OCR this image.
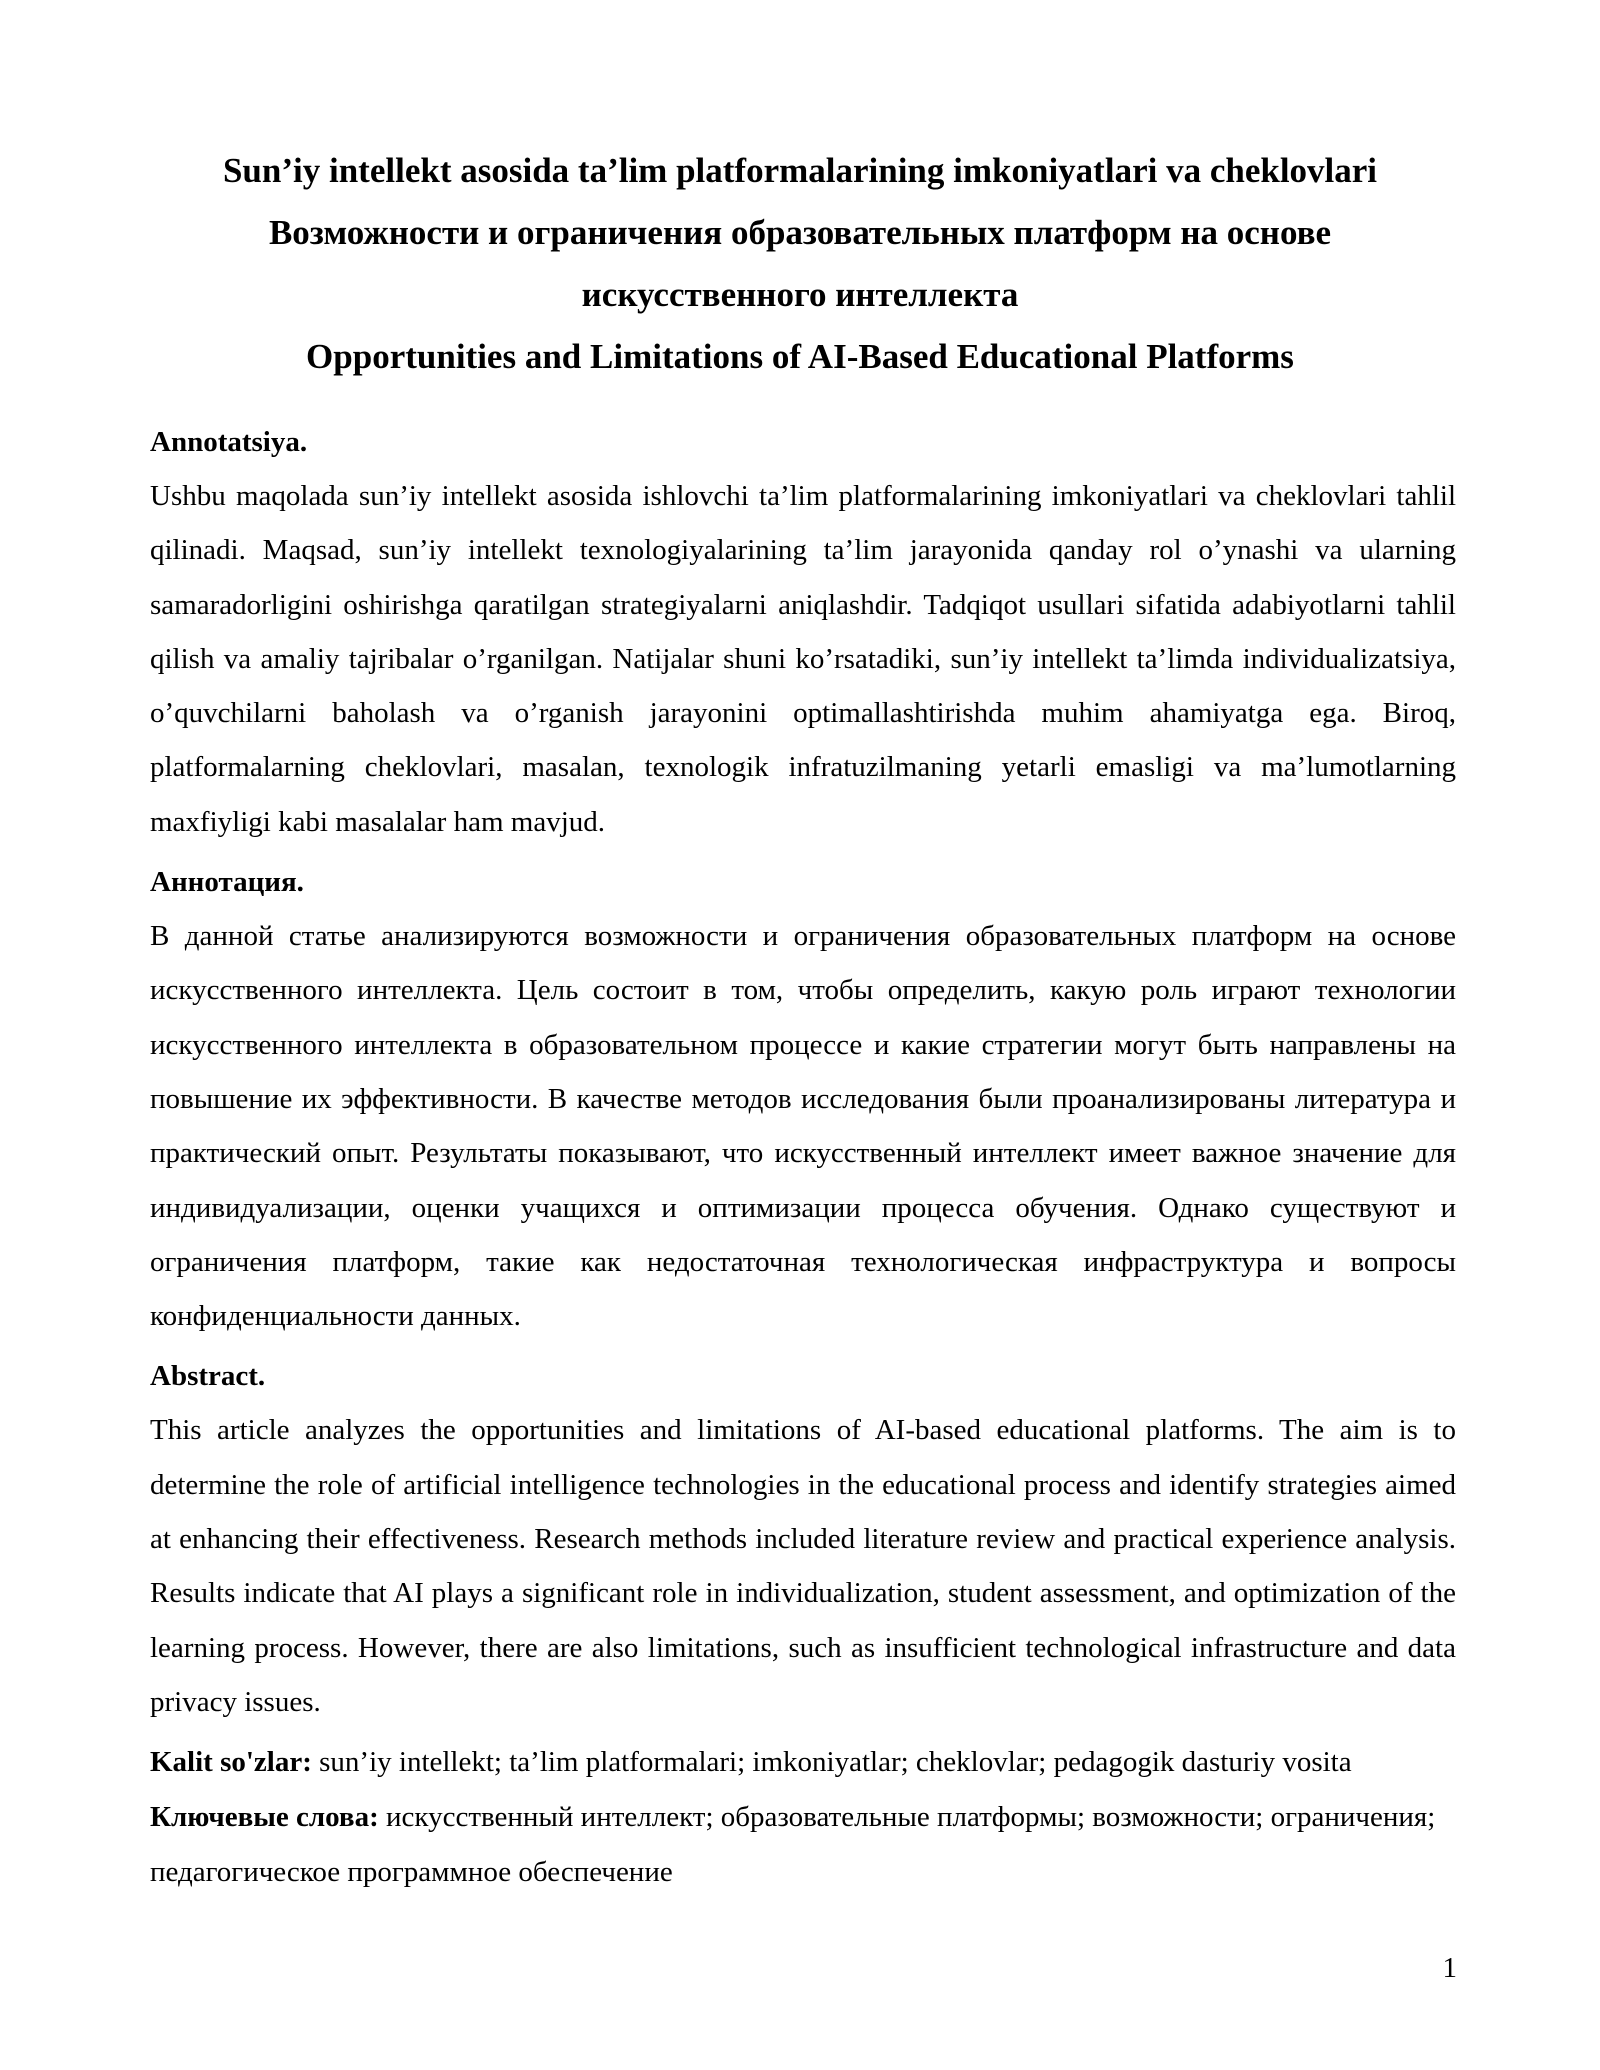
Sun’iy intellekt asosida ta’lim platformalarining imkoniyatlari va cheklovlari

Возможности и ограничения образовательных платформ на основе

искусственного интеллекта

Opportunities and Limitations of AI-Based Educational Platforms

Annotatsiya.

Ushbu maqolada sun’iy intellekt asosida ishlovchi ta’lim platformalarining imkoniyatlari va cheklovlari tahlil qilinadi. Maqsad, sun’iy intellekt texnologiyalarining ta’lim jarayonida qanday rol o’ynashi va ularning samaradorligini oshirishga qaratilgan strategiyalarni aniqlashdir. Tadqiqot usullari sifatida adabiyotlarni tahlil qilish va amaliy tajribalar o’rganilgan. Natijalar shuni ko’rsatadiki, sun’iy intellekt ta’limda individualizatsiya, o’quvchilarni baholash va o’rganish jarayonini optimallashtirishda muhim ahamiyatga ega. Biroq, platformalarning cheklovlari, masalan, texnologik infratuzilmaning yetarli emasligi va ma’lumotlarning maxfiyligi kabi masalalar ham mavjud.

Аннотация.

В данной статье анализируются возможности и ограничения образовательных платформ на основе искусственного интеллекта. Цель состоит в том, чтобы определить, какую роль играют технологии искусственного интеллекта в образовательном процессе и какие стратегии могут быть направлены на повышение их эффективности. В качестве методов исследования были проанализированы литература и практический опыт. Результаты показывают, что искусственный интеллект имеет важное значение для индивидуализации, оценки учащихся и оптимизации процесса обучения. Однако существуют и ограничения платформ, такие как недостаточная технологическая инфраструктура и вопросы конфиденциальности данных.

Abstract.

This article analyzes the opportunities and limitations of AI-based educational platforms. The aim is to determine the role of artificial intelligence technologies in the educational process and identify strategies aimed at enhancing their effectiveness. Research methods included literature review and practical experience analysis. Results indicate that AI plays a significant role in individualization, student assessment, and optimization of the learning process. However, there are also limitations, such as insufficient technological infrastructure and data privacy issues.

Kalit so'zlar: sun’iy intellekt; ta’lim platformalari; imkoniyatlar; cheklovlar; pedagogik dasturiy vosita

Ключевые слова: искусственный интеллект; образовательные платформы; возможности; ограничения; педагогическое программное обеспечение

1
